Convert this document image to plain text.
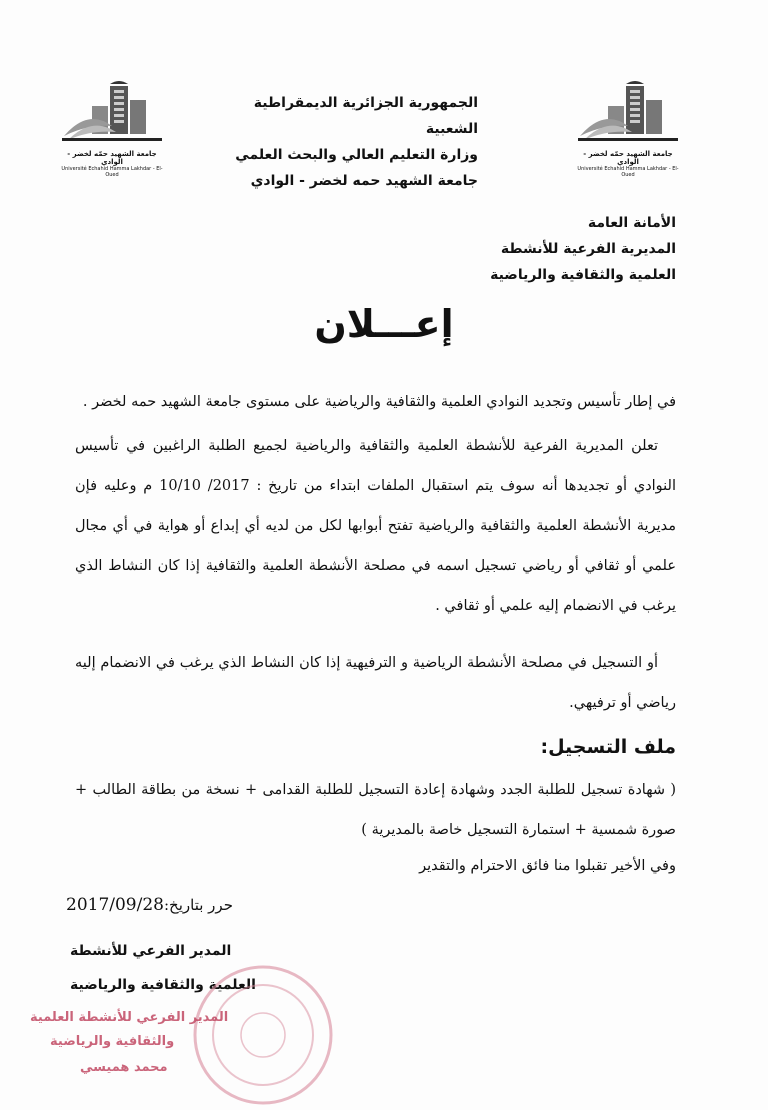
جامعة الشهيد حمّه لخضر - الوادي
Université Echahid Hamma Lakhdar - El-Oued
جامعة الشهيد حمّه لخضر - الوادي
Université Echahid Hamma Lakhdar - El-Oued
الجمهورية الجزائرية الديمقراطية الشعبية
وزارة التعليم العالي والبحث العلمي
جامعة الشهيد حمه لخضر - الوادي
الأمانة العامة
المديرية الفرعية للأنشطة
العلمية والثقافية والرياضية
إعـــلان
في إطار تأسيس وتجديد النوادي العلمية والثقافية والرياضية على مستوى جامعة الشهيد حمه لخضر .
تعلن المديرية الفرعية للأنشطة العلمية والثقافية والرياضية لجميع الطلبة الراغبين في تأسيس النوادي أو تجديدها أنه سوف يتم استقبال الملفات ابتداء من تاريخ : 2017/ 10/10 م وعليه فإن مديرية الأنشطة العلمية والثقافية والرياضية تفتح أبوابها لكل من لديه أي إبداع أو هواية في أي مجال علمي أو ثقافي أو رياضي تسجيل اسمه في مصلحة الأنشطة العلمية والثقافية إذا كان النشاط الذي يرغب في الانضمام إليه علمي أو ثقافي .
أو التسجيل في مصلحة الأنشطة الرياضية و الترفيهية إذا كان النشاط الذي يرغب في الانضمام إليه رياضي أو ترفيهي.
ملف التسجيل:
( شهادة تسجيل للطلبة الجدد وشهادة إعادة التسجيل للطلبة القدامى + نسخة من بطاقة الطالب + صورة شمسية + استمارة التسجيل خاصة بالمديرية )
وفي الأخير تقبلوا منا فائق الاحترام والتقدير
حرر بتاريخ:2017/09/28
المدير الفرعي للأنشطة
العلمية والثقافية والرياضية
المدير الفرعي للأنشطة العلمية
والثقافية والرياضية
محمد هميسي
